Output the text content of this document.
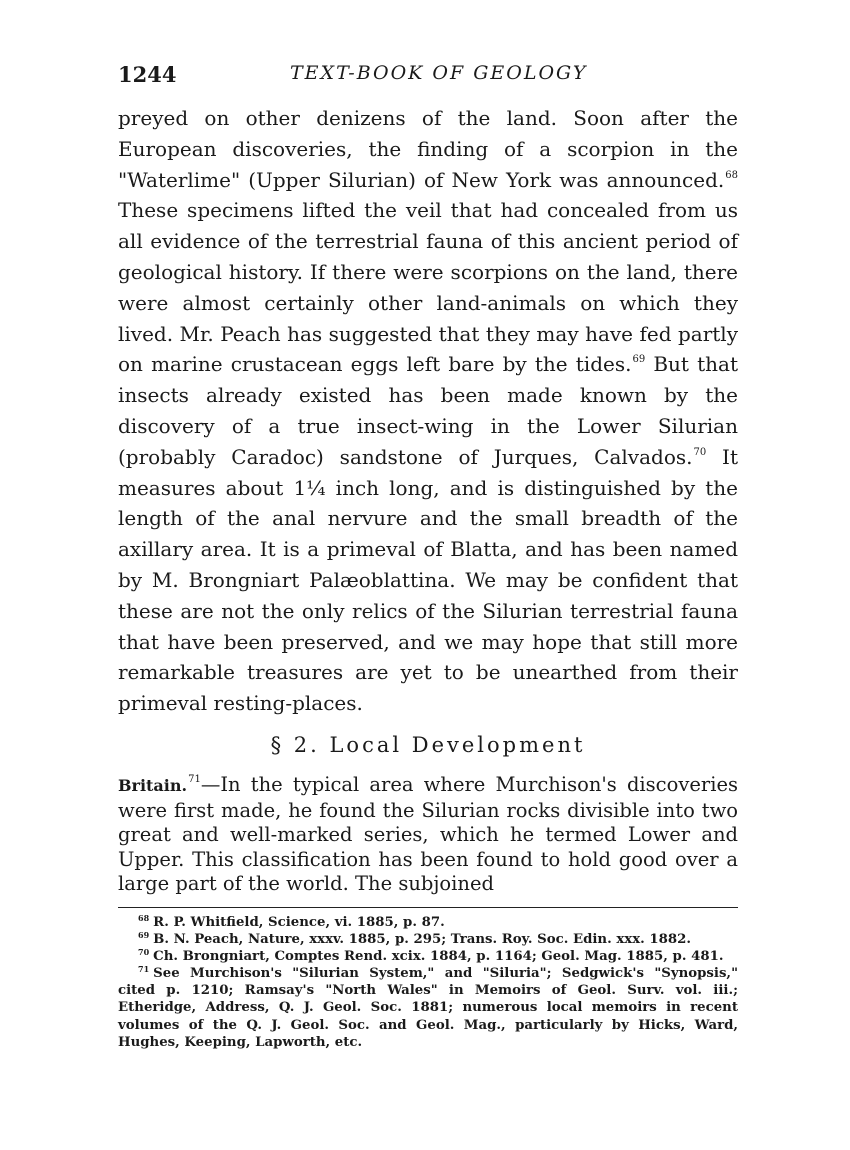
1244	TEXT-BOOK OF GEOLOGY

preyed on other denizens of the land. Soon after the European discoveries, the finding of a scorpion in the "Waterlime" (Upper Silurian) of New York was announced.$^{68}$ These specimens lifted the veil that had concealed from us all evidence of the terrestrial fauna of this ancient period of geological history. If there were scorpions on the land, there were almost certainly other land-animals on which they lived. Mr. Peach has suggested that they may have fed partly on marine crustacean eggs left bare by the tides.$^{69}$ But that insects already existed has been made known by the discovery of a true insect-wing in the Lower Silurian (probably Caradoc) sandstone of Jurques, Calvados.$^{70}$ It measures about 1¼ inch long, and is distinguished by the length of the anal nervure and the small breadth of the axillary area. It is a primeval of Blatta, and has been named by M. Brongniart Palæoblattina. We may be confident that these are not the only relics of the Silurian terrestrial fauna that have been preserved, and we may hope that still more remarkable treasures are yet to be unearthed from their primeval resting-places.

§ 2. Local Development

Britain.$^{71}$—In the typical area where Murchison's discoveries were first made, he found the Silurian rocks divisible into two great and well-marked series, which he termed Lower and Upper. This classification has been found to hold good over a large part of the world. The subjoined

$^{68}$ R. P. Whitfield, Science, vi. 1885, p. 87.

$^{69}$ B. N. Peach, Nature, xxxv. 1885, p. 295; Trans. Roy. Soc. Edin. xxx. 1882.

$^{70}$ Ch. Brongniart, Comptes Rend. xcix. 1884, p. 1164; Geol. Mag. 1885, p. 481.

$^{71}$ See Murchison's "Silurian System," and "Siluria"; Sedgwick's "Synopsis," cited p. 1210; Ramsay's "North Wales" in Memoirs of Geol. Surv. vol. iii.; Etheridge, Address, Q. J. Geol. Soc. 1881; numerous local memoirs in recent volumes of the Q. J. Geol. Soc. and Geol. Mag., particularly by Hicks, Ward, Hughes, Keeping, Lapworth, etc.
